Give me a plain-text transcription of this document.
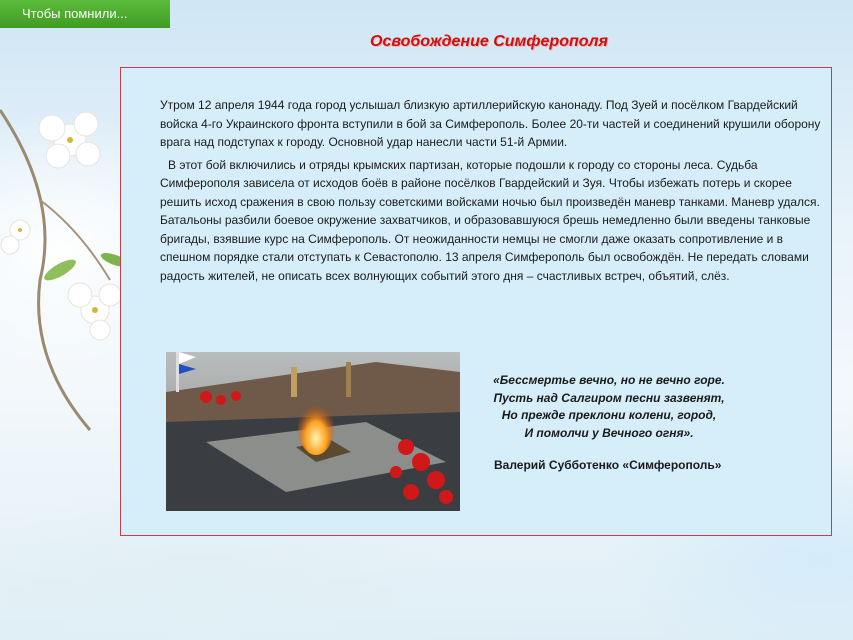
Чтобы помнили...
Освобождение Симферополя

Утром 12 апреля 1944 года город услышал близкую артиллерийскую канонаду. Под Зуей и посёлком Гвардейский войска 4-го Украинского фронта вступили в бой за Симферополь. Более 20-ти частей и соединений крушили оборону врага над подступах к городу. Основной удар нанесли части 51-й Армии.

В этот бой включились и отряды крымских партизан, которые подошли к городу со стороны леса. Судьба Симферополя зависела от исходов боёв в районе посёлков Гвардейский и Зуя. Чтобы избежать потерь и скорее решить исход сражения в свою пользу советскими войсками ночью был произведён маневр танками. Маневр удался. Батальоны разбили боевое окружение захватчиков, и образовавшуюся брешь немедленно были введены танковые бригады, взявшие курс на Симферополь. От неожиданности немцы не смогли даже оказать сопротивление и в спешном порядке стали отступать к Севастополю. 13 апреля Симферополь был освобождён. Не передать словами радость жителей, не описать всех волнующих событий этого дня – счастливых встреч, объятий, слёз.

«Бессмертье вечно, но не вечно горе.
Пусть над Салгиром песни зазвенят,
Но прежде преклони колени, город,
И помолчи у Вечного огня».
Валерий Субботенко «Симферополь»
